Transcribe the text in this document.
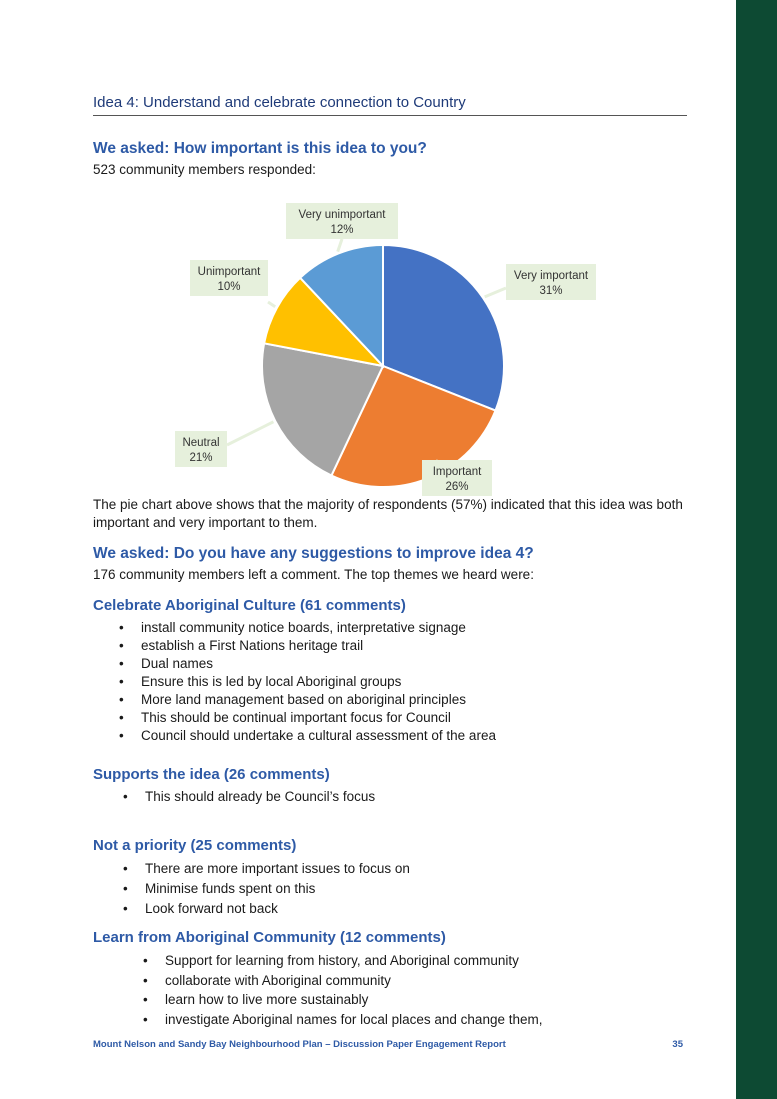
Idea 4: Understand and celebrate connection to Country
We asked: How important is this idea to you?
523 community members responded:
Very important
31%
Important
26%
Neutral
21%
Unimportant
10%
Very unimportant
12%
The pie chart above shows that the majority of respondents (57%) indicated that this idea was both important and very important to them.
We asked: Do you have any suggestions to improve idea 4?
176 community members left a comment. The top themes we heard were:
Celebrate Aboriginal Culture (61 comments)
• install community notice boards, interpretative signage
• establish a First Nations heritage trail
• Dual names
• Ensure this is led by local Aboriginal groups
• More land management based on aboriginal principles
• This should be continual important focus for Council
• Council should undertake a cultural assessment of the area
Supports the idea (26 comments)
• This should already be Council’s focus
Not a priority (25 comments)
• There are more important issues to focus on
• Minimise funds spent on this
• Look forward not back
Learn from Aboriginal Community (12 comments)
• Support for learning from history, and Aboriginal community
• collaborate with Aboriginal community
• learn how to live more sustainably
• investigate Aboriginal names for local places and change them,
Mount Nelson and Sandy Bay Neighbourhood Plan – Discussion Paper Engagement Report	35
